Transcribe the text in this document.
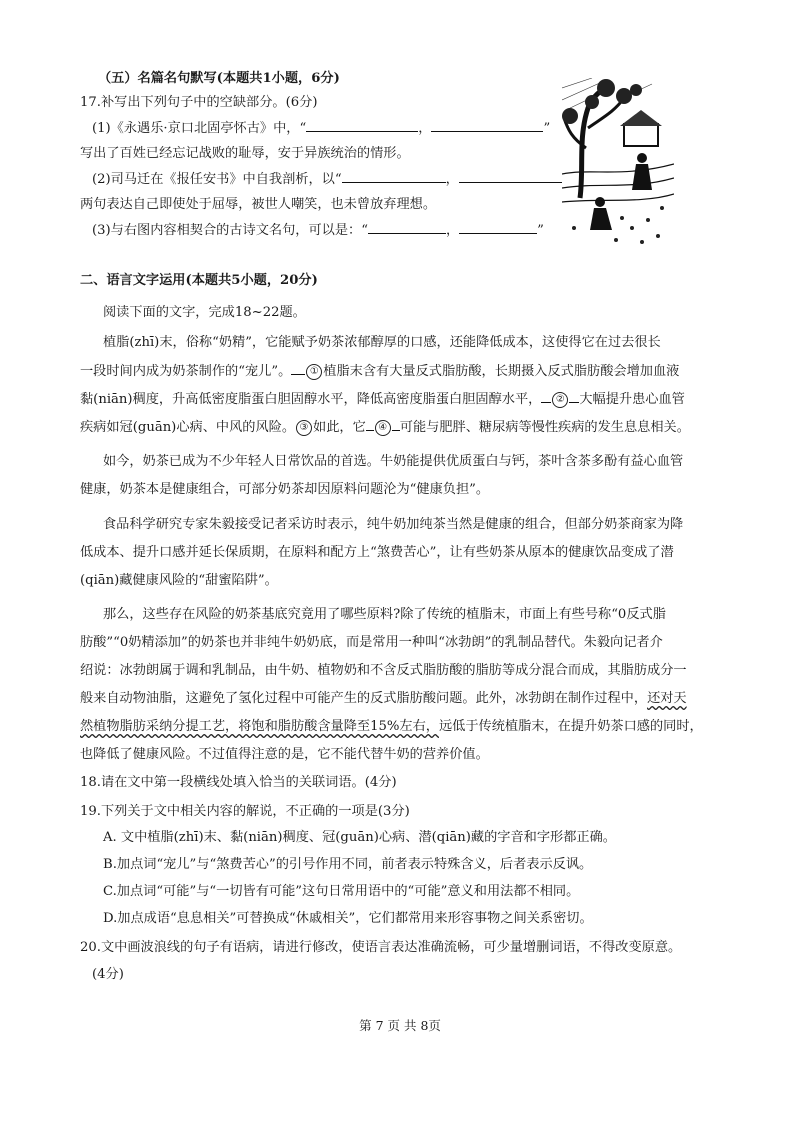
（五）名篇名句默写(本题共1小题，6分)
17.补写出下列句子中的空缺部分。(6分)
(1)《永遇乐·京口北固亭怀古》中，“	，	”
写出了百姓已经忘记战败的耻辱，安于异族统治的情形。
(2)司马迁在《报任安书》中自我剖析，以“	，
两句表达自己即使处于屈辱，被世人嘲笑，也未曾放弃理想。
(3)与右图内容相契合的古诗文名句，可以是：“	，	”
二、语言文字运用(本题共5小题，20分)
阅读下面的文字，完成18~22题。
植脂(zhī)末，俗称“奶精”，它能赋予奶茶浓郁醇厚的口感，还能降低成本，这使得它在过去很长
一段时间内成为奶茶制作的“宠儿”。 ① 植脂末含有大量反式脂肪酸，长期摄入反式脂肪酸会增加血液
黏(niān)稠度，升高低密度脂蛋白胆固醇水平，降低高密度脂蛋白胆固醇水平， ② 大幅提升患心血管
疾病如冠(guān)心病、中风的风险。 ③ 如此，它 ④ 可能与肥胖、糖尿病等慢性疾病的发生息息相关。
如今，奶茶已成为不少年轻人日常饮品的首选。牛奶能提供优质蛋白与钙，茶叶含茶多酚有益心血管
健康，奶茶本是健康组合，可部分奶茶却因原料问题沦为“健康负担”。
食品科学研究专家朱毅接受记者采访时表示，纯牛奶加纯茶当然是健康的组合，但部分奶茶商家为降
低成本、提升口感并延长保质期，在原料和配方上“煞费苦心”，让有些奶茶从原本的健康饮品变成了潜
(qiān)藏健康风险的“甜蜜陷阱”。
那么，这些存在风险的奶茶基底究竟用了哪些原料?除了传统的植脂末，市面上有些号称“0反式脂
肪酸”“0奶精添加”的奶茶也并非纯牛奶奶底，而是常用一种叫“冰勃朗”的乳制品替代。朱毅向记者介
绍说：冰勃朗属于调和乳制品，由牛奶、植物奶和不含反式脂肪酸的脂肪等成分混合而成，其脂肪成分一
般来自动物油脂，这避免了氢化过程中可能产生的反式脂肪酸问题。此外，冰勃朗在制作过程中，还对天
然植物脂肪采纳分提工艺，将饱和脂肪酸含量降至15%左右，远低于传统植脂末，在提升奶茶口感的同时，
也降低了健康风险。不过值得注意的是，它不能代替牛奶的营养价值。
18.请在文中第一段横线处填入恰当的关联词语。(4分)
19.下列关于文中相关内容的解说，不正确的一项是(3分)
A. 文中植脂(zhī)末、黏(niān)稠度、冠(guān)心病、潜(qiān)藏的字音和字形都正确。
B.加点词“宠儿”与“煞费苦心”的引号作用不同，前者表示特殊含义，后者表示反讽。
C.加点词“可能”与“一切皆有可能”这句日常用语中的“可能”意义和用法都不相同。
D.加点成语“息息相关”可替换成“休戚相关”，它们都常用来形容事物之间关系密切。
20.文中画波浪线的句子有语病，请进行修改，使语言表达准确流畅，可少量增删词语，不得改变原意。
(4分)
第 7 页 共 8页
